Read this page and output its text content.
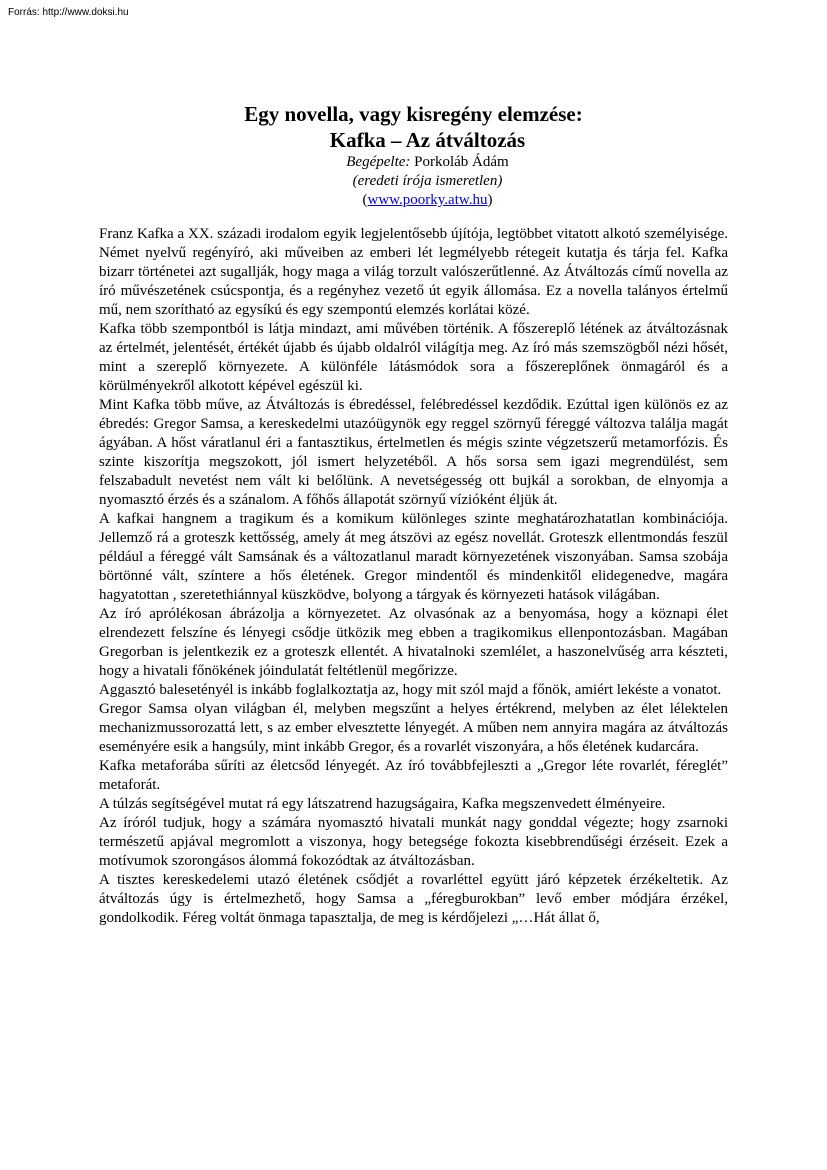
Forrás: http://www.doksi.hu
Egy novella, vagy kisregény elemzése:
Kafka – Az átváltozás
Begépelte: Porkoláb Ádám
(eredeti írója ismeretlen)
(www.poorky.atw.hu)

Franz Kafka a XX. századi irodalom egyik legjelentősebb újítója, legtöbbet vitatott alkotó személyisége. Német nyelvű regényíró, aki műveiben az emberi lét legmélyebb rétegeit kutatja és tárja fel. Kafka bizarr történetei azt sugallják, hogy maga a világ torzult valószerűtlenné. Az Átváltozás című novella az író művészetének csúcspontja, és a regényhez vezető út egyik állomása. Ez a novella talányos értelmű mű, nem szorítható az egysíkú és egy szempontú elemzés korlátai közé.

Kafka több szempontból is látja mindazt, ami művében történik. A főszereplő létének az átváltozásnak az értelmét, jelentését, értékét újabb és újabb oldalról világítja meg. Az író más szemszögből nézi hősét, mint a szereplő környezete. A különféle látásmódok sora a főszereplőnek önmagáról és a körülményekről alkotott képével egészül ki.

Mint Kafka több műve, az Átváltozás is ébredéssel, felébredéssel kezdődik. Ezúttal igen különös ez az ébredés: Gregor Samsa, a kereskedelmi utazóügynök egy reggel szörnyű féreggé változva találja magát ágyában. A hőst váratlanul éri a fantasztikus, értelmetlen és mégis szinte végzetszerű metamorfózis. És szinte kiszorítja megszokott, jól ismert helyzetéből. A hős sorsa sem igazi megrendülést, sem felszabadult nevetést nem vált ki belőlünk. A nevetségesség ott bujkál a sorokban, de elnyomja a nyomasztó érzés és a szánalom. A főhős állapotát szörnyű vízióként éljük át.

A kafkai hangnem a tragikum és a komikum különleges szinte meghatározhatatlan kombinációja. Jellemző rá a groteszk kettősség, amely át meg átszövi az egész novellát. Groteszk ellentmondás feszül például a féreggé vált Samsának és a változatlanul maradt környezetének viszonyában. Samsa szobája börtönné vált, színtere a hős életének. Gregor mindentől és mindenkitől elidegenedve, magára hagyatottan , szeretethiánnyal küszködve, bolyong a tárgyak és környezeti hatások világában.

Az író aprólékosan ábrázolja a környezetet. Az olvasónak az a benyomása, hogy a köznapi élet elrendezett felszíne és lényegi csődje ütközik meg ebben a tragikomikus ellenpontozásban. Magában Gregorban is jelentkezik ez a groteszk ellentét. A hivatalnoki szemlélet, a haszonelvűség arra készteti, hogy a hivatali főnökének jóindulatát feltétlenül megőrizze.

Aggasztó balesetényél is inkább foglalkoztatja az, hogy mit szól majd a főnök, amiért lekéste a vonatot.

Gregor Samsa olyan világban él, melyben megszűnt a helyes értékrend, melyben az élet lélektelen mechanizmussorozattá lett, s az ember elvesztette lényegét. A műben nem annyira magára az átváltozás eseményére esik a hangsúly, mint inkább Gregor, és a rovarlét viszonyára, a hős életének kudarcára.

Kafka metaforába sűríti az életcsőd lényegét. Az író továbbfejleszti a „Gregor léte rovarlét, féreglét” metaforát.

A túlzás segítségével mutat rá egy látszatrend hazugságaira, Kafka megszenvedett élményeire.

Az íróról tudjuk, hogy a számára nyomasztó hivatali munkát nagy gonddal végezte; hogy zsarnoki természetű apjával megromlott a viszonya, hogy betegsége fokozta kisebbrendűségi érzéseit. Ezek a motívumok szorongásos álommá fokozódtak az átváltozásban.

A tisztes kereskedelemi utazó életének csődjét a rovarléttel együtt járó képzetek érzékeltetik. Az átváltozás úgy is értelmezhető, hogy Samsa a „féregburokban” levő ember módjára érzékel, gondolkodik. Féreg voltát önmaga tapasztalja, de meg is kérdőjelezi „…Hát állat ő,
